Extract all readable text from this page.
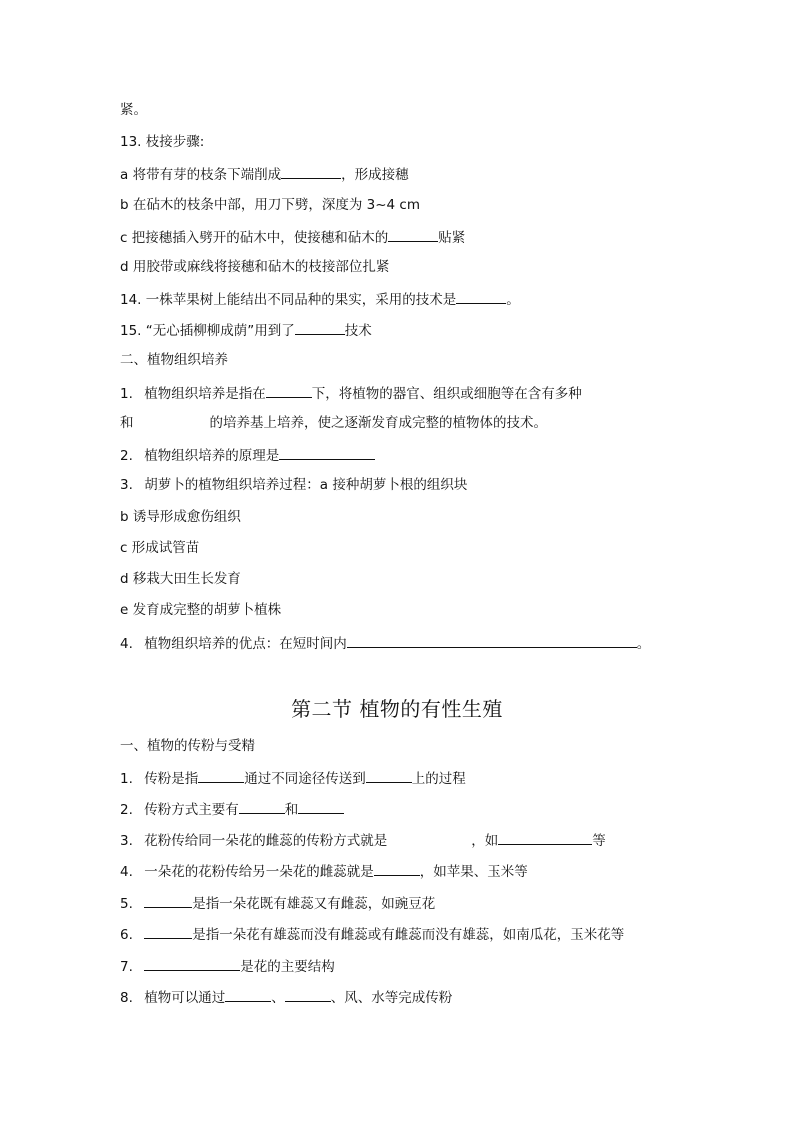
紧。
13. 枝接步骤:
a 将带有芽的枝条下端削成	，形成接穗
b 在砧木的枝条中部，用刀下劈，深度为 3~4 cm
c 把接穗插入劈开的砧木中，使接穗和砧木的	贴紧
d 用胶带或麻线将接穗和砧木的枝接部位扎紧
14. 一株苹果树上能结出不同品种的果实，采用的技术是	。
15. “无心插柳柳成荫”用到了	技术
二、植物组织培养
1. 植物组织培养是指在	下，将植物的器官、组织或细胞等在含有多种
和	的培养基上培养，使之逐渐发育成完整的植物体的技术。
2. 植物组织培养的原理是
3. 胡萝卜的植物组织培养过程：a 接种胡萝卜根的组织块
b 诱导形成愈伤组织
c 形成试管苗
d 移栽大田生长发育
e 发育成完整的胡萝卜植株
4. 植物组织培养的优点：在短时间内	。
第二节 植物的有性生殖
一、植物的传粉与受精
1. 传粉是指	通过不同途径传送到	上的过程
2. 传粉方式主要有	和
3. 花粉传给同一朵花的雌蕊的传粉方式就是	，如	等
4. 一朵花的花粉传给另一朵花的雌蕊就是	，如苹果、玉米等
5.	是指一朵花既有雄蕊又有雌蕊，如豌豆花
6.	是指一朵花有雄蕊而没有雌蕊或有雌蕊而没有雄蕊，如南瓜花，玉米花等
7.	是花的主要结构
8. 植物可以通过	、	、风、水等完成传粉
